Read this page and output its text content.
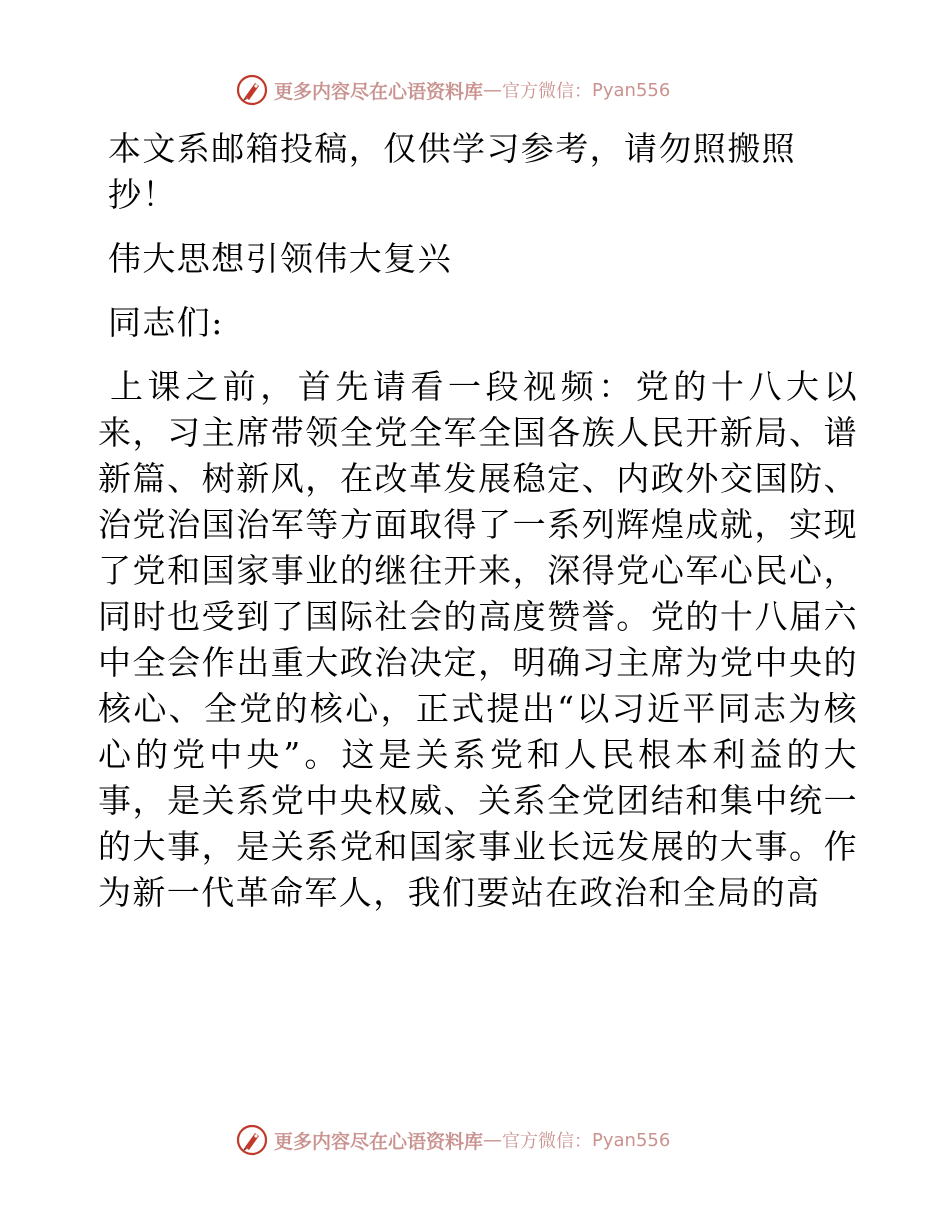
更多内容尽在心语资料库 — 官方微信： Pyan556

本文系邮箱投稿，仅供学习参考，请勿照搬照抄！

伟大思想引领伟大复兴

同志们:

上课之前，首先请看一段视频：党的十八大以来，习主席带领全党全军全国各族人民开新局、谱新篇、树新风，在改革发展稳定、内政外交国防、治党治国治军等方面取得了一系列辉煌成就，实现了党和国家事业的继往开来，深得党心军心民心，同时也受到了国际社会的高度赞誉。党的十八届六中全会作出重大政治决定，明确习主席为党中央的核心、全党的核心，正式提出“以习近平同志为核心的党中央”。这是关系党和人民根本利益的大事，是关系党中央权威、关系全党团结和集中统一的大事，是关系党和国家事业长远发展的大事。作为新一代革命军人，我们要站在政治和全局的高

更多内容尽在心语资料库 — 官方微信： Pyan556
